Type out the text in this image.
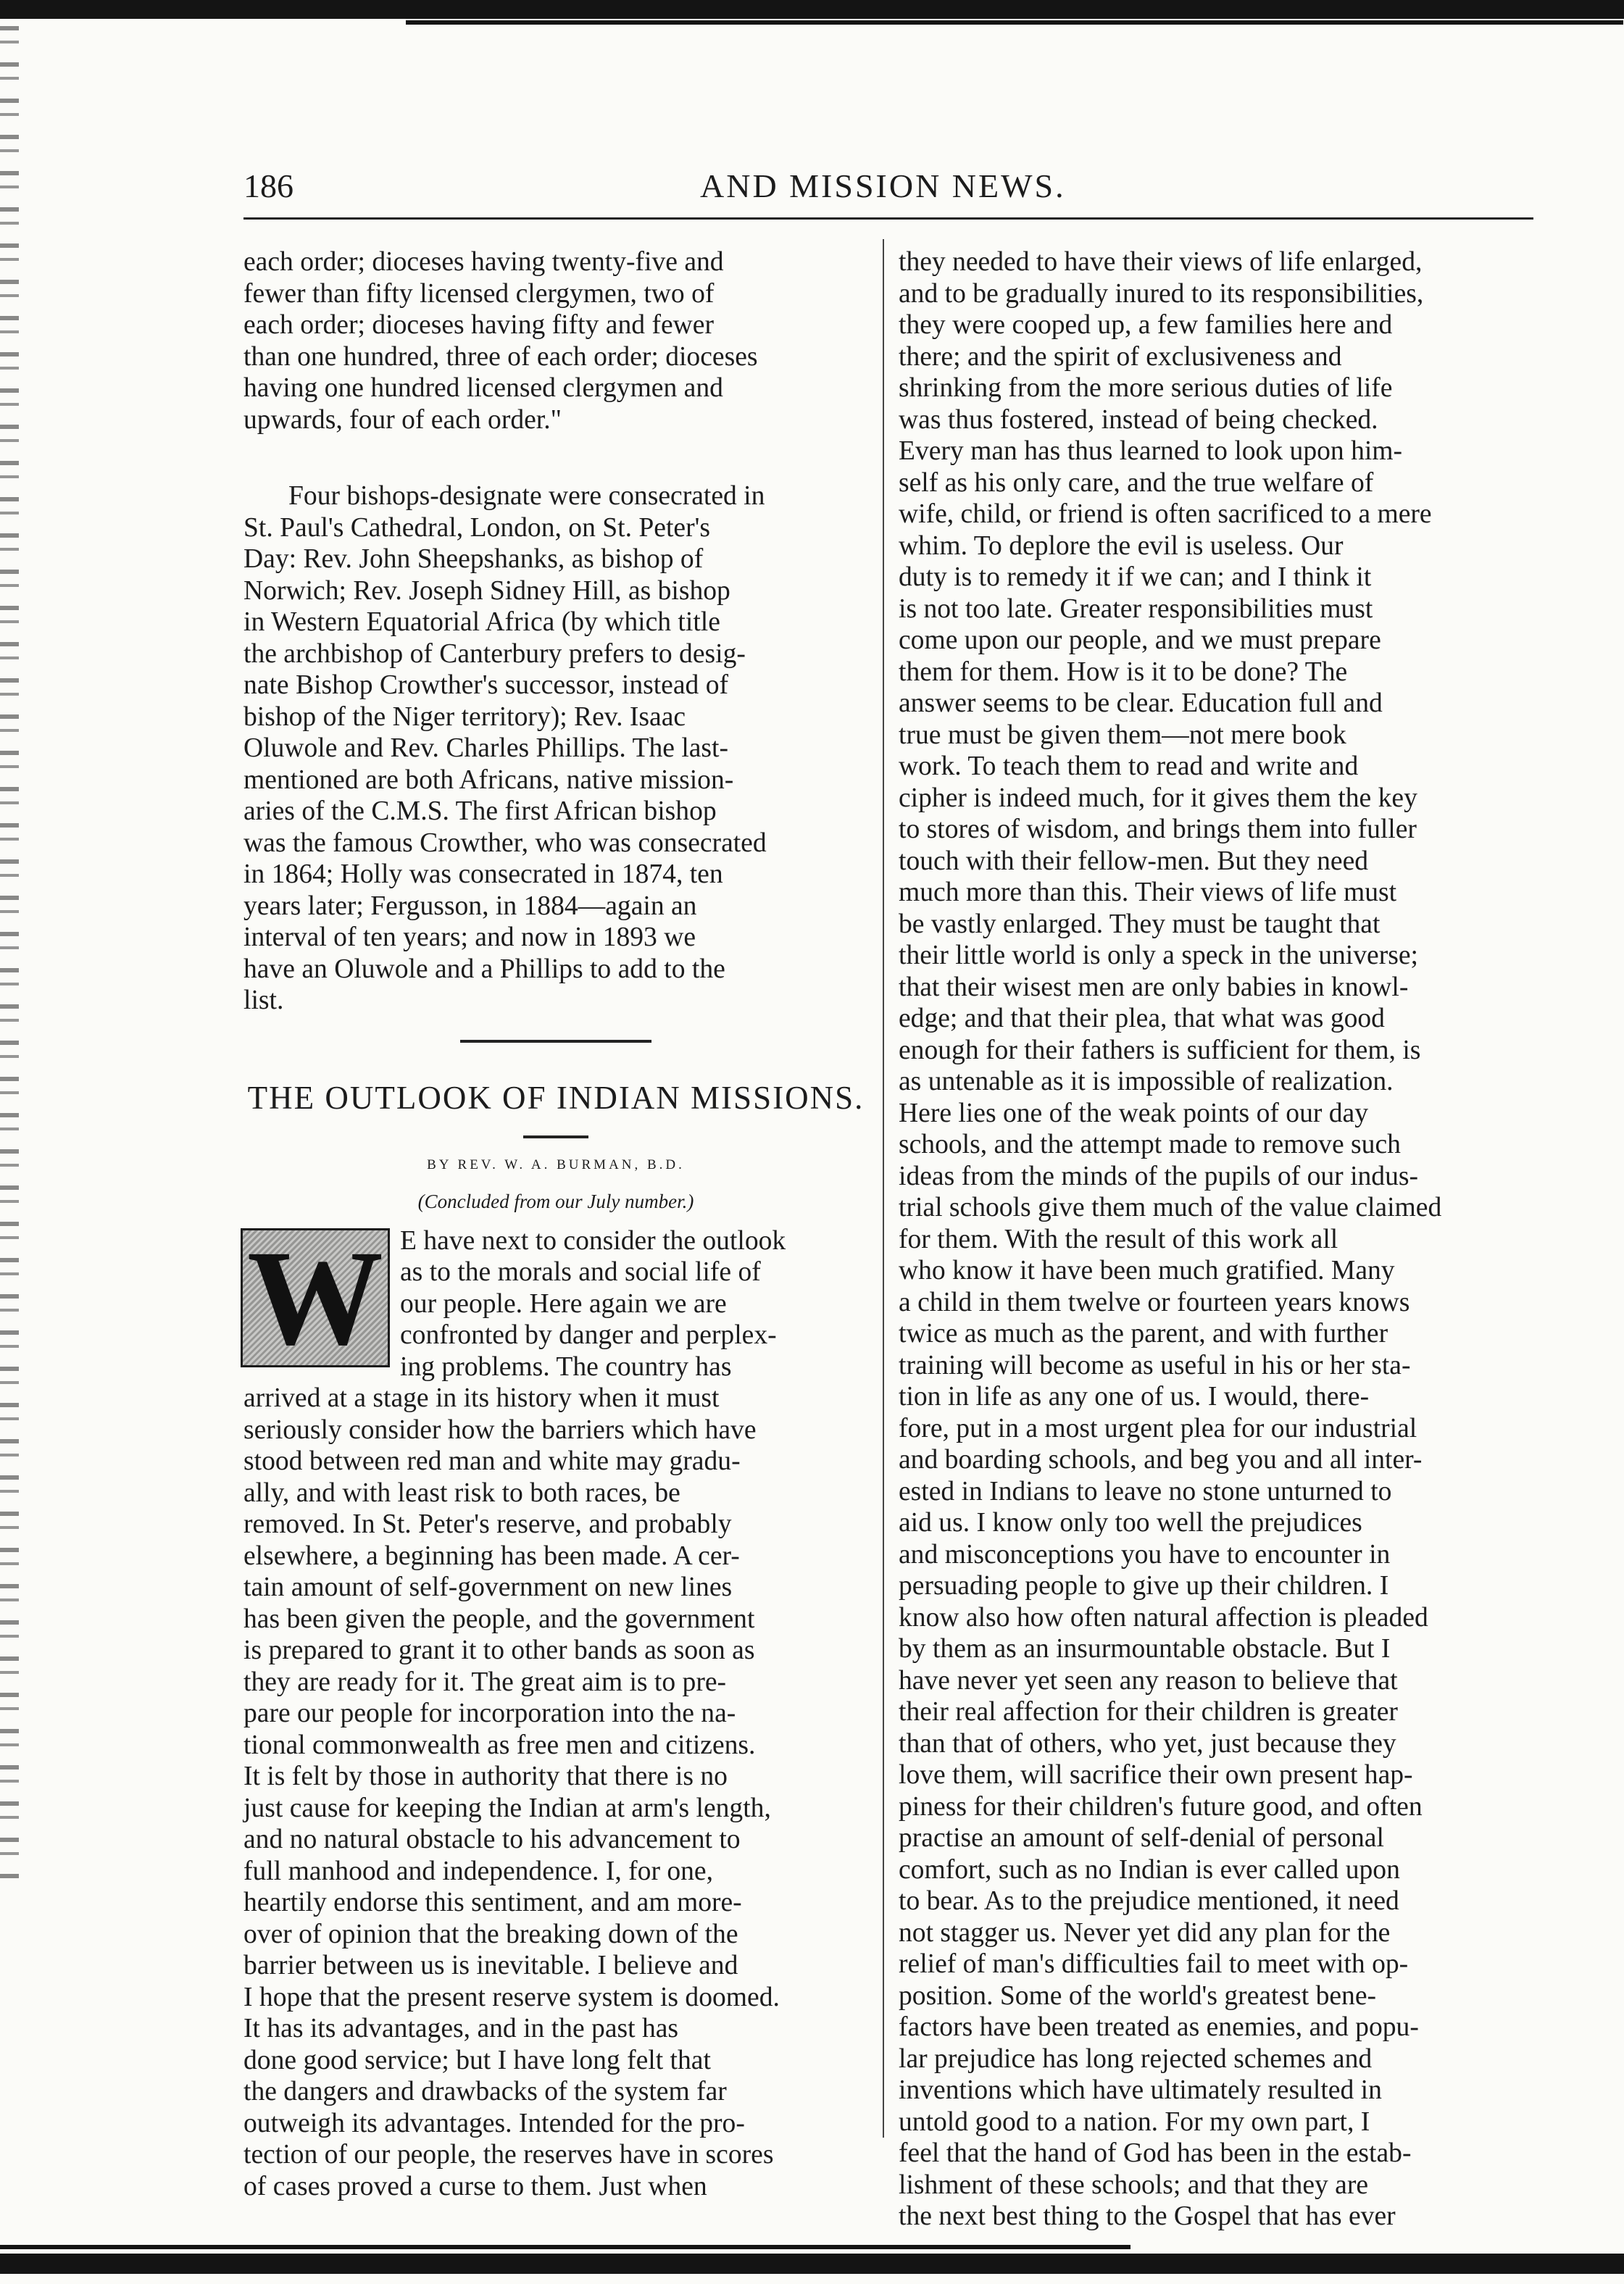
186	AND MISSION NEWS.

each order; dioceses having twenty-five and
fewer than fifty licensed clergymen, two of
each order; dioceses having fifty and fewer
than one hundred, three of each order; dioceses
having one hundred licensed clergymen and
upwards, four of each order."

Four bishops-designate were consecrated in
St. Paul's Cathedral, London, on St. Peter's
Day: Rev. John Sheepshanks, as bishop of
Norwich; Rev. Joseph Sidney Hill, as bishop
in Western Equatorial Africa (by which title
the archbishop of Canterbury prefers to desig-
nate Bishop Crowther's successor, instead of
bishop of the Niger territory); Rev. Isaac
Oluwole and Rev. Charles Phillips. The last-
mentioned are both Africans, native mission-
aries of the C.M.S. The first African bishop
was the famous Crowther, who was consecrated
in 1864; Holly was consecrated in 1874, ten
years later; Fergusson, in 1884—again an
interval of ten years; and now in 1893 we
have an Oluwole and a Phillips to add to the
list.

THE OUTLOOK OF INDIAN MISSIONS.
BY REV. W. A. BURMAN, B.D.
(Concluded from our July number.)
W E have next to consider the outlook
as to the morals and social life of
our people. Here again we are
confronted by danger and perplex-
ing problems. The country has
arrived at a stage in its history when it must
seriously consider how the barriers which have
stood between red man and white may gradu-
ally, and with least risk to both races, be
removed. In St. Peter's reserve, and probably
elsewhere, a beginning has been made. A cer-
tain amount of self-government on new lines
has been given the people, and the government
is prepared to grant it to other bands as soon as
they are ready for it. The great aim is to pre-
pare our people for incorporation into the na-
tional commonwealth as free men and citizens.
It is felt by those in authority that there is no
just cause for keeping the Indian at arm's length,
and no natural obstacle to his advancement to
full manhood and independence. I, for one,
heartily endorse this sentiment, and am more-
over of opinion that the breaking down of the
barrier between us is inevitable. I believe and
I hope that the present reserve system is doomed.
It has its advantages, and in the past has
done good service; but I have long felt that
the dangers and drawbacks of the system far
outweigh its advantages. Intended for the pro-
tection of our people, the reserves have in scores
of cases proved a curse to them. Just when

they needed to have their views of life enlarged,
and to be gradually inured to its responsibilities,
they were cooped up, a few families here and
there; and the spirit of exclusiveness and
shrinking from the more serious duties of life
was thus fostered, instead of being checked.
Every man has thus learned to look upon him-
self as his only care, and the true welfare of
wife, child, or friend is often sacrificed to a mere
whim. To deplore the evil is useless. Our
duty is to remedy it if we can; and I think it
is not too late. Greater responsibilities must
come upon our people, and we must prepare
them for them. How is it to be done? The
answer seems to be clear. Education full and
true must be given them—not mere book
work. To teach them to read and write and
cipher is indeed much, for it gives them the key
to stores of wisdom, and brings them into fuller
touch with their fellow-men. But they need
much more than this. Their views of life must
be vastly enlarged. They must be taught that
their little world is only a speck in the universe;
that their wisest men are only babies in knowl-
edge; and that their plea, that what was good
enough for their fathers is sufficient for them, is
as untenable as it is impossible of realization.
Here lies one of the weak points of our day
schools, and the attempt made to remove such
ideas from the minds of the pupils of our indus-
trial schools give them much of the value claimed
for them. With the result of this work all
who know it have been much gratified. Many
a child in them twelve or fourteen years knows
twice as much as the parent, and with further
training will become as useful in his or her sta-
tion in life as any one of us. I would, there-
fore, put in a most urgent plea for our industrial
and boarding schools, and beg you and all inter-
ested in Indians to leave no stone unturned to
aid us. I know only too well the prejudices
and misconceptions you have to encounter in
persuading people to give up their children. I
know also how often natural affection is pleaded
by them as an insurmountable obstacle. But I
have never yet seen any reason to believe that
their real affection for their children is greater
than that of others, who yet, just because they
love them, will sacrifice their own present hap-
piness for their children's future good, and often
practise an amount of self-denial of personal
comfort, such as no Indian is ever called upon
to bear. As to the prejudice mentioned, it need
not stagger us. Never yet did any plan for the
relief of man's difficulties fail to meet with op-
position. Some of the world's greatest bene-
factors have been treated as enemies, and popu-
lar prejudice has long rejected schemes and
inventions which have ultimately resulted in
untold good to a nation. For my own part, I
feel that the hand of God has been in the estab-
lishment of these schools; and that they are
the next best thing to the Gospel that has ever
